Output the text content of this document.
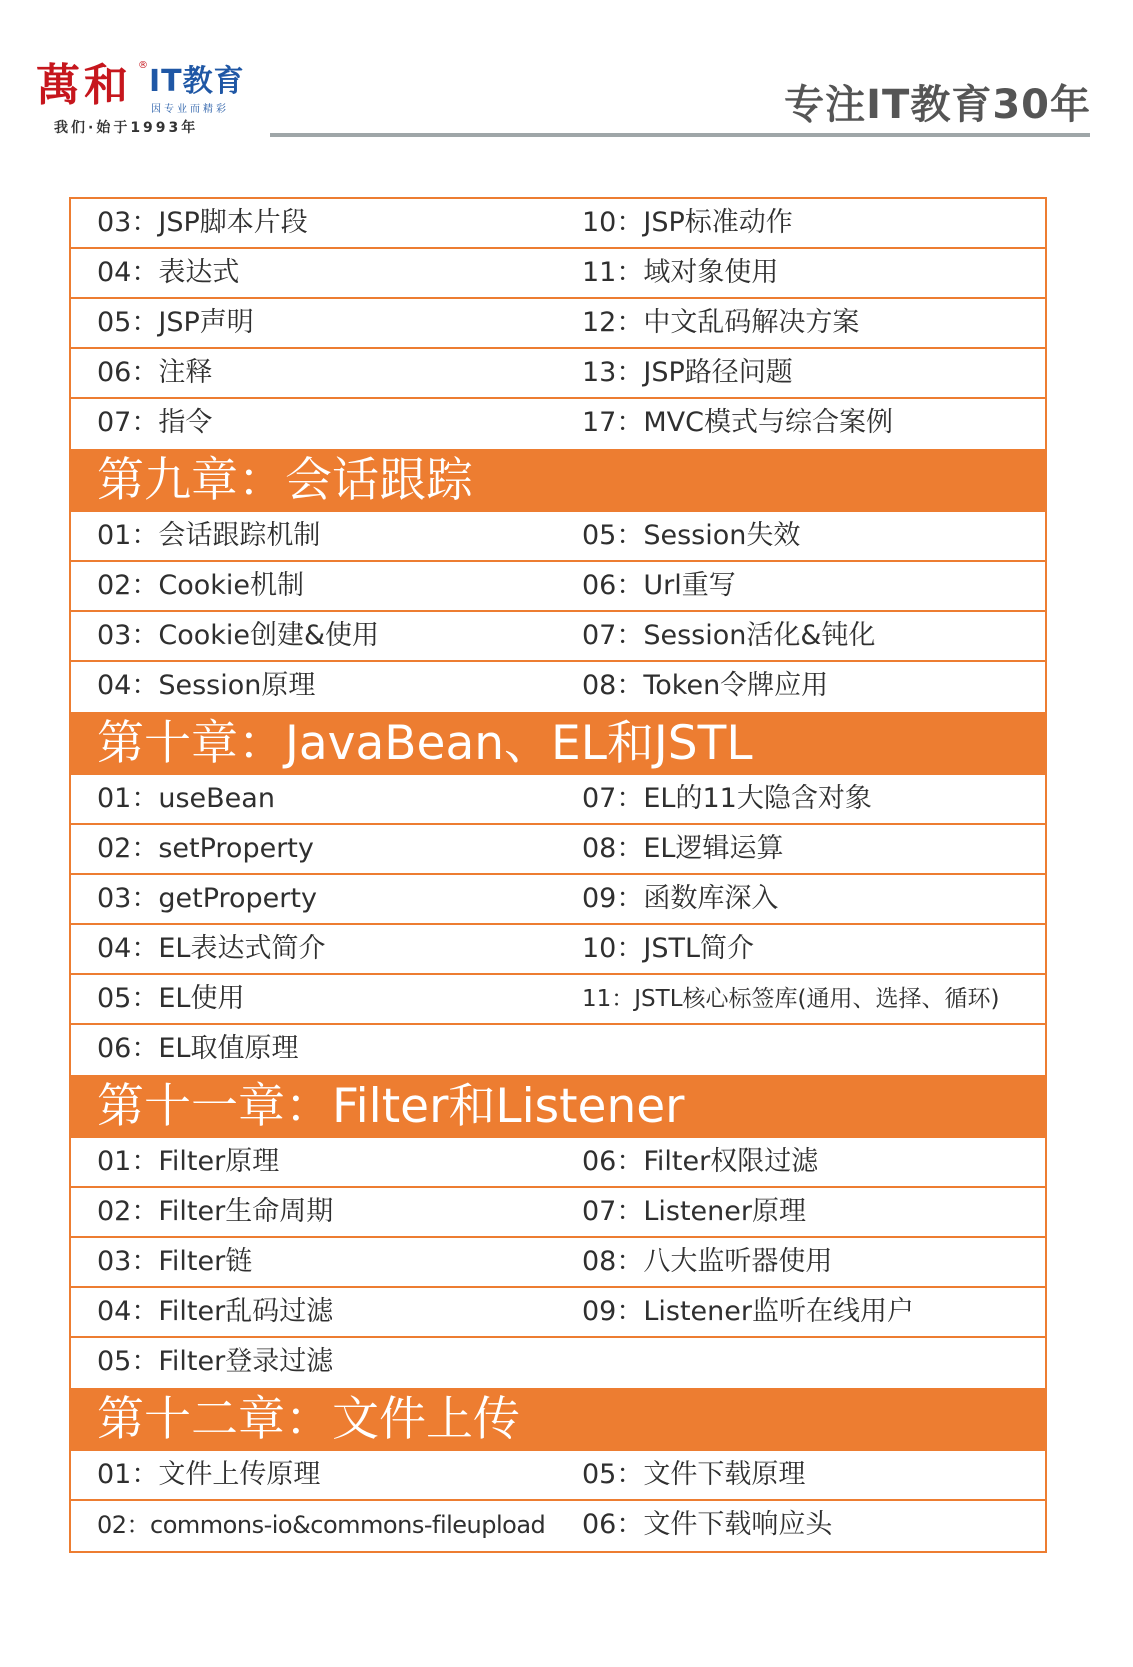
萬和 ® IT教育
因专业而精彩
我们·始于1993年	专注IT教育30年
03：JSP脚本片段	10：JSP标准动作
04：表达式	11：域对象使用
05：JSP声明	12：中文乱码解决方案
06：注释	13：JSP路径问题
07：指令	17：MVC模式与综合案例
第九章：会话跟踪
01：会话跟踪机制	05：Session失效
02：Cookie机制	06：Url重写
03：Cookie创建&使用	07：Session活化&钝化
04：Session原理	08：Token令牌应用
第十章：JavaBean、EL和JSTL
01：useBean	07：EL的11大隐含对象
02：setProperty	08：EL逻辑运算
03：getProperty	09：函数库深入
04：EL表达式简介	10：JSTL简介
05：EL使用	11：JSTL核心标签库(通用、选择、循环)
06：EL取值原理
第十一章：Filter和Listener
01：Filter原理	06：Filter权限过滤
02：Filter生命周期	07：Listener原理
03：Filter链	08：八大监听器使用
04：Filter乱码过滤	09：Listener监听在线用户
05：Filter登录过滤
第十二章：文件上传
01：文件上传原理	05：文件下载原理
02：commons-io&commons-fileupload 06：文件下载响应头
